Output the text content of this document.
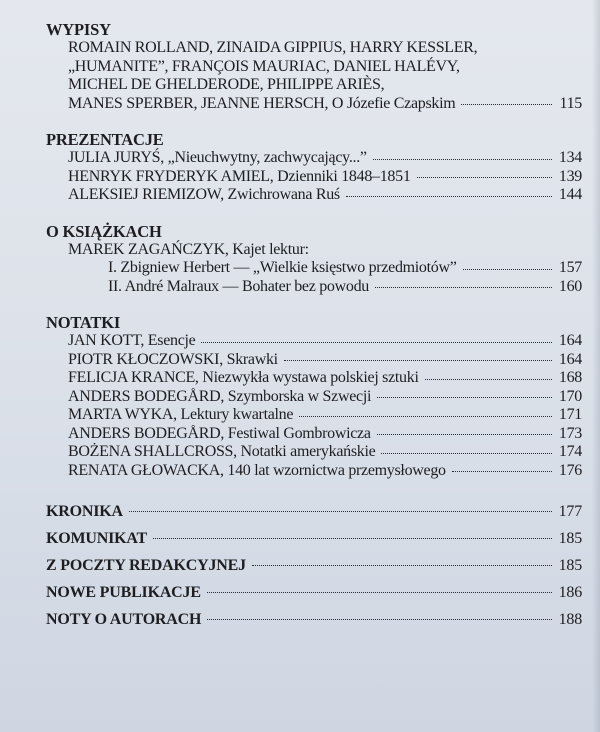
WYPISY
ROMAIN ROLLAND, ZINAIDA GIPPIUS, HARRY KESSLER,
„HUMANITE”, FRANÇOIS MAURIAC, DANIEL HALÉVY,
MICHEL DE GHELDERODE, PHILIPPE ARIÈS,
MANES SPERBER, JEANNE HERSCH, O Józefie Czapskim	115
PREZENTACJE
JULIA JURYŚ, „Nieuchwytny, zachwycający...”	134
HENRYK FRYDERYK AMIEL, Dzienniki 1848–1851	139
ALEKSIEJ RIEMIZOW, Zwichrowana Ruś	144
O KSIĄŻKACH
MAREK ZAGAŃCZYK, Kajet lektur:
I. Zbigniew Herbert — „Wielkie księstwo przedmiotów”	157
II. André Malraux — Bohater bez powodu	160
NOTATKI
JAN KOTT, Esencje	164
PIOTR KŁOCZOWSKI, Skrawki	164
FELICJA KRANCE, Niezwykła wystawa polskiej sztuki	168
ANDERS BODEGÅRD, Szymborska w Szwecji	170
MARTA WYKA, Lektury kwartalne	171
ANDERS BODEGÅRD, Festiwal Gombrowicza	173
BOŻENA SHALLCROSS, Notatki amerykańskie	174
RENATA GŁOWACKA, 140 lat wzornictwa przemysłowego	176
KRONIKA	177
KOMUNIKAT	185
Z POCZTY REDAKCYJNEJ	185
NOWE PUBLIKACJE	186
NOTY O AUTORACH	188
